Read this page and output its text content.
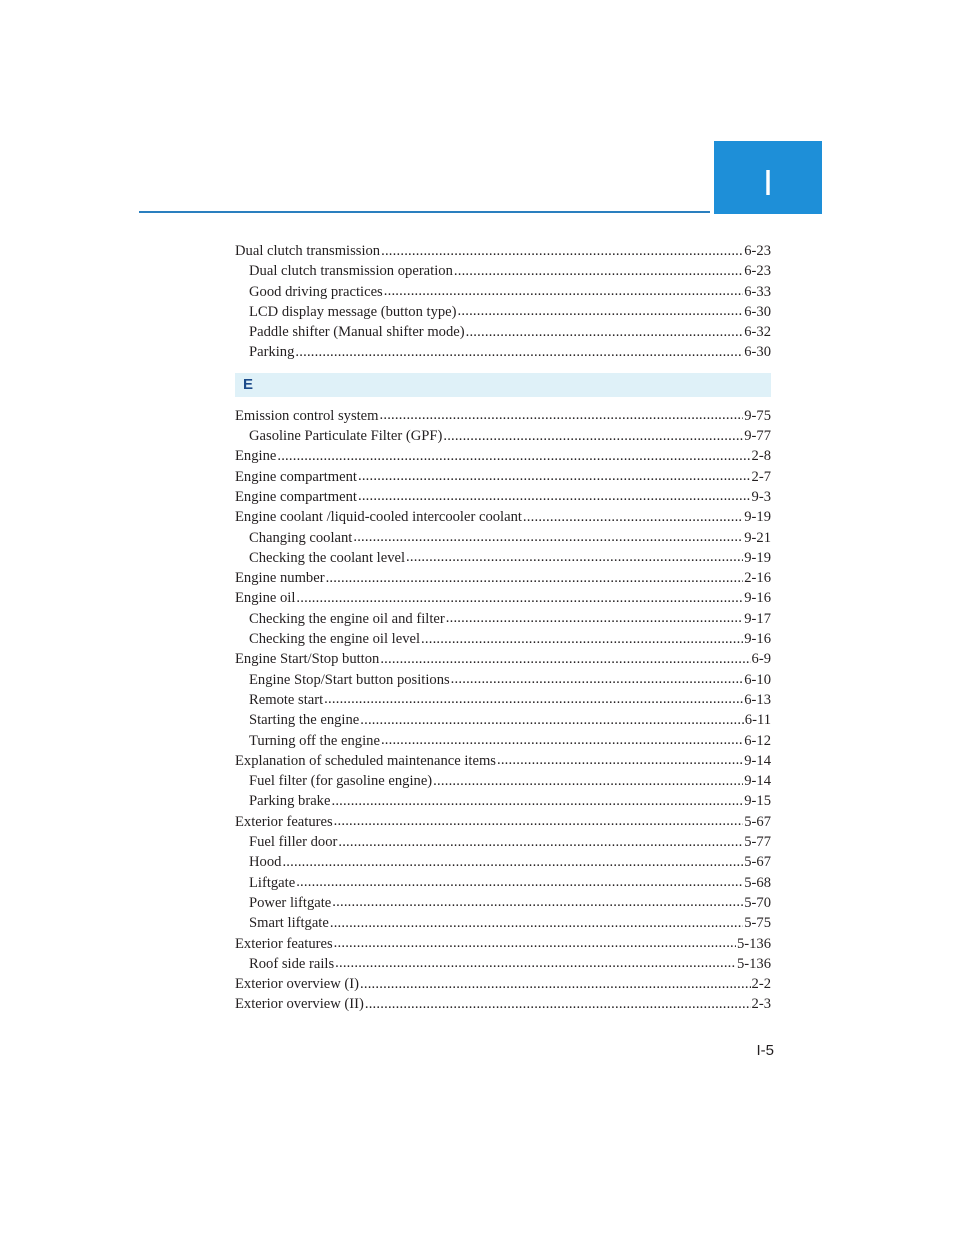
I
Dual clutch transmission .....	6-23
Dual clutch transmission operation .....	6-23
Good driving practices .....	6-33
LCD display message (button type) .....	6-30
Paddle shifter (Manual shifter mode) .....	6-32
Parking .....	6-30
E
Emission control system .....	9-75
Gasoline Particulate Filter (GPF) .....	9-77
Engine .....	2-8
Engine compartment .....	2-7
Engine compartment .....	9-3
Engine coolant /liquid-cooled intercooler coolant .....	9-19
Changing coolant .....	9-21
Checking the coolant level .....	9-19
Engine number .....	2-16
Engine oil .....	9-16
Checking the engine oil and filter .....	9-17
Checking the engine oil level .....	9-16
Engine Start/Stop button .....	6-9
Engine Stop/Start button positions .....	6-10
Remote start .....	6-13
Starting the engine .....	6-11
Turning off the engine .....	6-12
Explanation of scheduled maintenance items .....	9-14
Fuel filter (for gasoline engine) .....	9-14
Parking brake .....	9-15
Exterior features .....	5-67
Fuel filler door .....	5-77
Hood .....	5-67
Liftgate .....	5-68
Power liftgate .....	5-70
Smart liftgate .....	5-75
Exterior features .....	5-136
Roof side rails .....	5-136
Exterior overview (I) .....	2-2
Exterior overview (II) .....	2-3
I-5
